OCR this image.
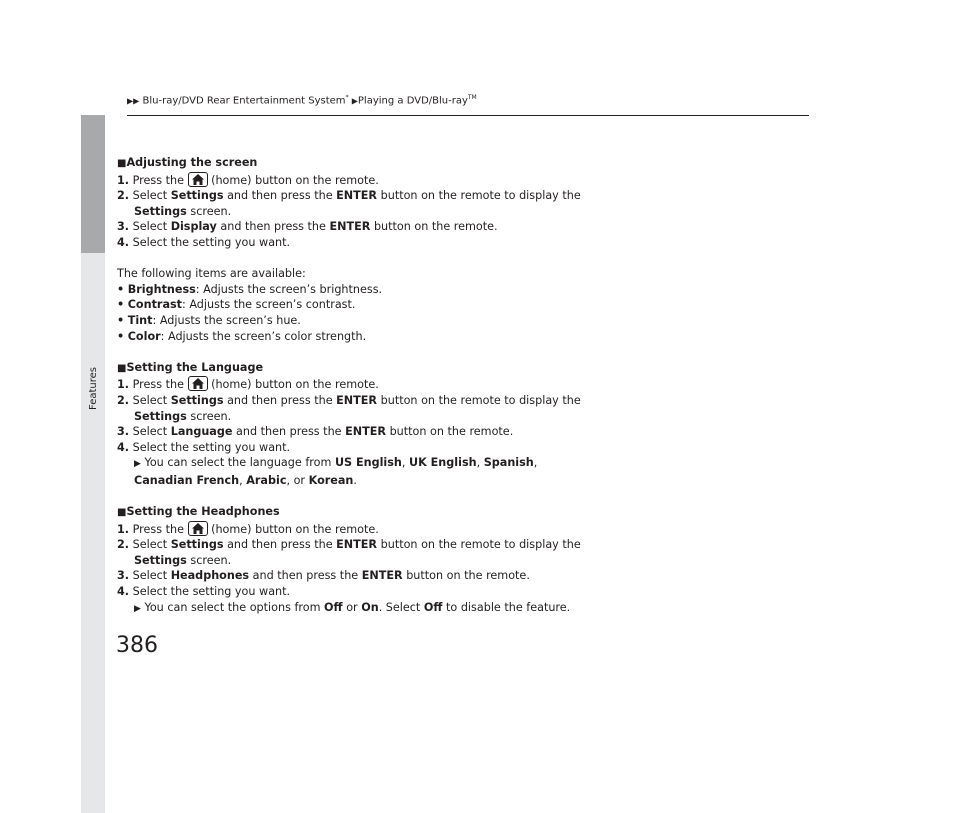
Features
▶▶ Blu-ray/DVD Rear Entertainment System* ▶Playing a DVD/Blu-ray™

■Adjusting the screen

1. Press the (home) button on the remote.

2. Select Settings and then press the ENTER button on the remote to display the

Settings screen.

3. Select Display and then press the ENTER button on the remote.

4. Select the setting you want.

The following items are available:

• Brightness: Adjusts the screen’s brightness.

• Contrast: Adjusts the screen’s contrast.

• Tint: Adjusts the screen’s hue.

• Color: Adjusts the screen’s color strength.

■Setting the Language

1. Press the (home) button on the remote.

2. Select Settings and then press the ENTER button on the remote to display the

Settings screen.

3. Select Language and then press the ENTER button on the remote.

4. Select the setting you want.

▶ You can select the language from US English, UK English, Spanish,

Canadian French, Arabic, or Korean.

■Setting the Headphones

1. Press the (home) button on the remote.

2. Select Settings and then press the ENTER button on the remote to display the

Settings screen.

3. Select Headphones and then press the ENTER button on the remote.

4. Select the setting you want.

▶ You can select the options from Off or On. Select Off to disable the feature.

386
